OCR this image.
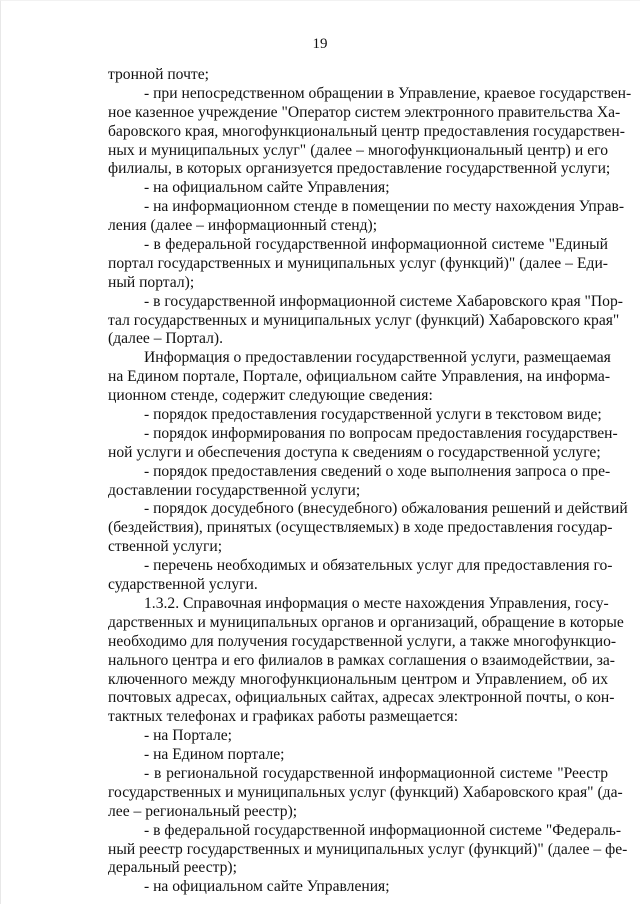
19
тронной почте;
- при непосредственном обращении в Управление, краевое государствен-
ное казенное учреждение "Оператор систем электронного правительства Ха-
баровского края, многофункциональный центр предоставления государствен-
ных и муниципальных услуг" (далее – многофункциональный центр) и его
филиалы, в которых организуется предоставление государственной услуги;
- на официальном сайте Управления;
- на информационном стенде в помещении по месту нахождения Управ-
ления (далее – информационный стенд);
- в федеральной государственной информационной системе "Единый
портал государственных и муниципальных услуг (функций)" (далее – Еди-
ный портал);
- в государственной информационной системе Хабаровского края "Пор-
тал государственных и муниципальных услуг (функций) Хабаровского края"
(далее – Портал).
Информация о предоставлении государственной услуги, размещаемая
на Едином портале, Портале, официальном сайте Управления, на информа-
ционном стенде, содержит следующие сведения:
- порядок предоставления государственной услуги в текстовом виде;
- порядок информирования по вопросам предоставления государствен-
ной услуги и обеспечения доступа к сведениям о государственной услуге;
- порядок предоставления сведений о ходе выполнения запроса о пре-
доставлении государственной услуги;
- порядок досудебного (внесудебного) обжалования решений и действий
(бездействия), принятых (осуществляемых) в ходе предоставления государ-
ственной услуги;
- перечень необходимых и обязательных услуг для предоставления го-
сударственной услуги.
1.3.2. Справочная информация о месте нахождения Управления, госу-
дарственных и муниципальных органов и организаций, обращение в которые
необходимо для получения государственной услуги, а также многофункцио-
нального центра и его филиалов в рамках соглашения о взаимодействии, за-
ключенного между многофункциональным центром и Управлением, об их
почтовых адресах, официальных сайтах, адресах электронной почты, о кон-
тактных телефонах и графиках работы размещается:
- на Портале;
- на Едином портале;
- в региональной государственной информационной системе "Реестр
государственных и муниципальных услуг (функций) Хабаровского края" (да-
лее – региональный реестр);
- в федеральной государственной информационной системе "Федераль-
ный реестр государственных и муниципальных услуг (функций)" (далее – фе-
деральный реестр);
- на официальном сайте Управления;
